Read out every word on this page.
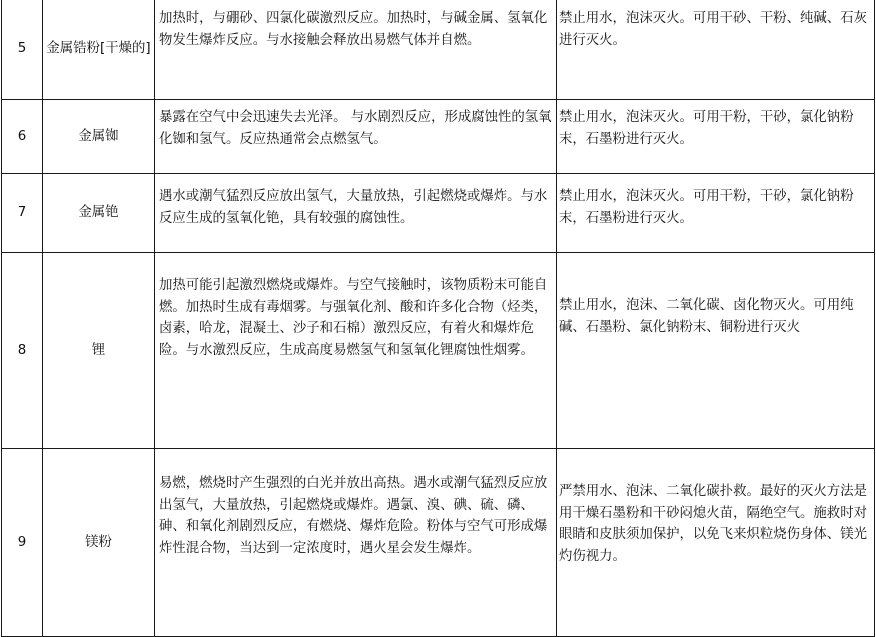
5	金属锆粉[干燥的]	加热时，与硼砂、四氯化碳激烈反应。加热时，与碱金属、氢氧化物发生爆炸反应。与水接触会释放出易燃气体并自燃。	禁止用水，泡沫灭火。可用干砂、干粉、纯碱、石灰进行灭火。
6	金属铷	暴露在空气中会迅速失去光泽。 与水剧烈反应，形成腐蚀性的氢氧化铷和氢气。反应热通常会点燃氢气。	禁止用水，泡沫灭火。可用干粉，干砂，氯化钠粉末，石墨粉进行灭火。
7	金属铯	遇水或潮气猛烈反应放出氢气，大量放热，引起燃烧或爆炸。与水反应生成的氢氧化铯，具有较强的腐蚀性。	禁止用水，泡沫灭火。可用干粉，干砂，氯化钠粉末，石墨粉进行灭火。
8	锂	加热可能引起激烈燃烧或爆炸。与空气接触时，该物质粉末可能自燃。加热时生成有毒烟雾。与强氧化剂、酸和许多化合物（烃类，卤素，哈龙，混凝土、沙子和石棉）激烈反应，有着火和爆炸危险。与水激烈反应，生成高度易燃氢气和氢氧化锂腐蚀性烟雾。	禁止用水，泡沫、二氧化碳、卤化物灭火。可用纯碱、石墨粉、氯化钠粉末、铜粉进行灭火
9	镁粉	易燃，燃烧时产生强烈的白光并放出高热。遇水或潮气猛烈反应放出氢气，大量放热，引起燃烧或爆炸。遇氯、溴、碘、硫、磷、砷、和氧化剂剧烈反应，有燃烧、爆炸危险。粉体与空气可形成爆炸性混合物，当达到一定浓度时，遇火星会发生爆炸。	严禁用水、泡沫、二氧化碳扑救。最好的灭火方法是用干燥石墨粉和干砂闷熄火苗，隔绝空气。施救时对眼睛和皮肤须加保护，以免飞来炽粒烧伤身体、镁光灼伤视力。
